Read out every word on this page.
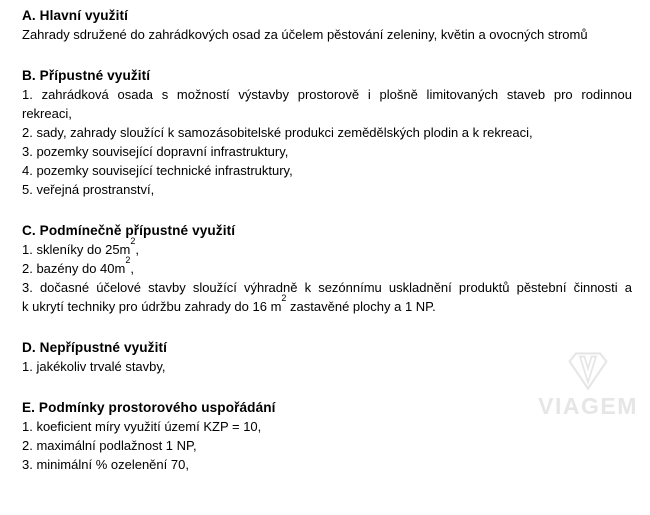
A. Hlavní využití

Zahrady sdružené do zahrádkových osad za účelem pěstování zeleniny, květin a ovocných stromů

B. Přípustné využití

1. zahrádková osada s možností výstavby prostorově i plošně limitovaných staveb pro rodinnou

rekreaci,

2. sady, zahrady sloužící k samozásobitelské produkci zemědělských plodin a k rekreaci,

3. pozemky související dopravní infrastruktury,

4. pozemky související technické infrastruktury,

5. veřejná prostranství,

C. Podmínečně přípustné využití

1. skleníky do $25m^2$,

2. bazény do $40m^2$,

3. dočasné účelové stavby sloužící výhradně k sezónnímu uskladnění produktů pěstební činnosti a

k ukrytí techniky pro údržbu zahrady do 16 $m^2$ zastavěné plochy a 1 NP.

D. Nepřípustné využití

1. jakékoliv trvalé stavby,

E. Podmínky prostorového uspořádání

1. koeficient míry využití území KZP = 10,

2. maximální podlažnost 1 NP,

3. minimální % ozelenění 70,

VIAGEM
